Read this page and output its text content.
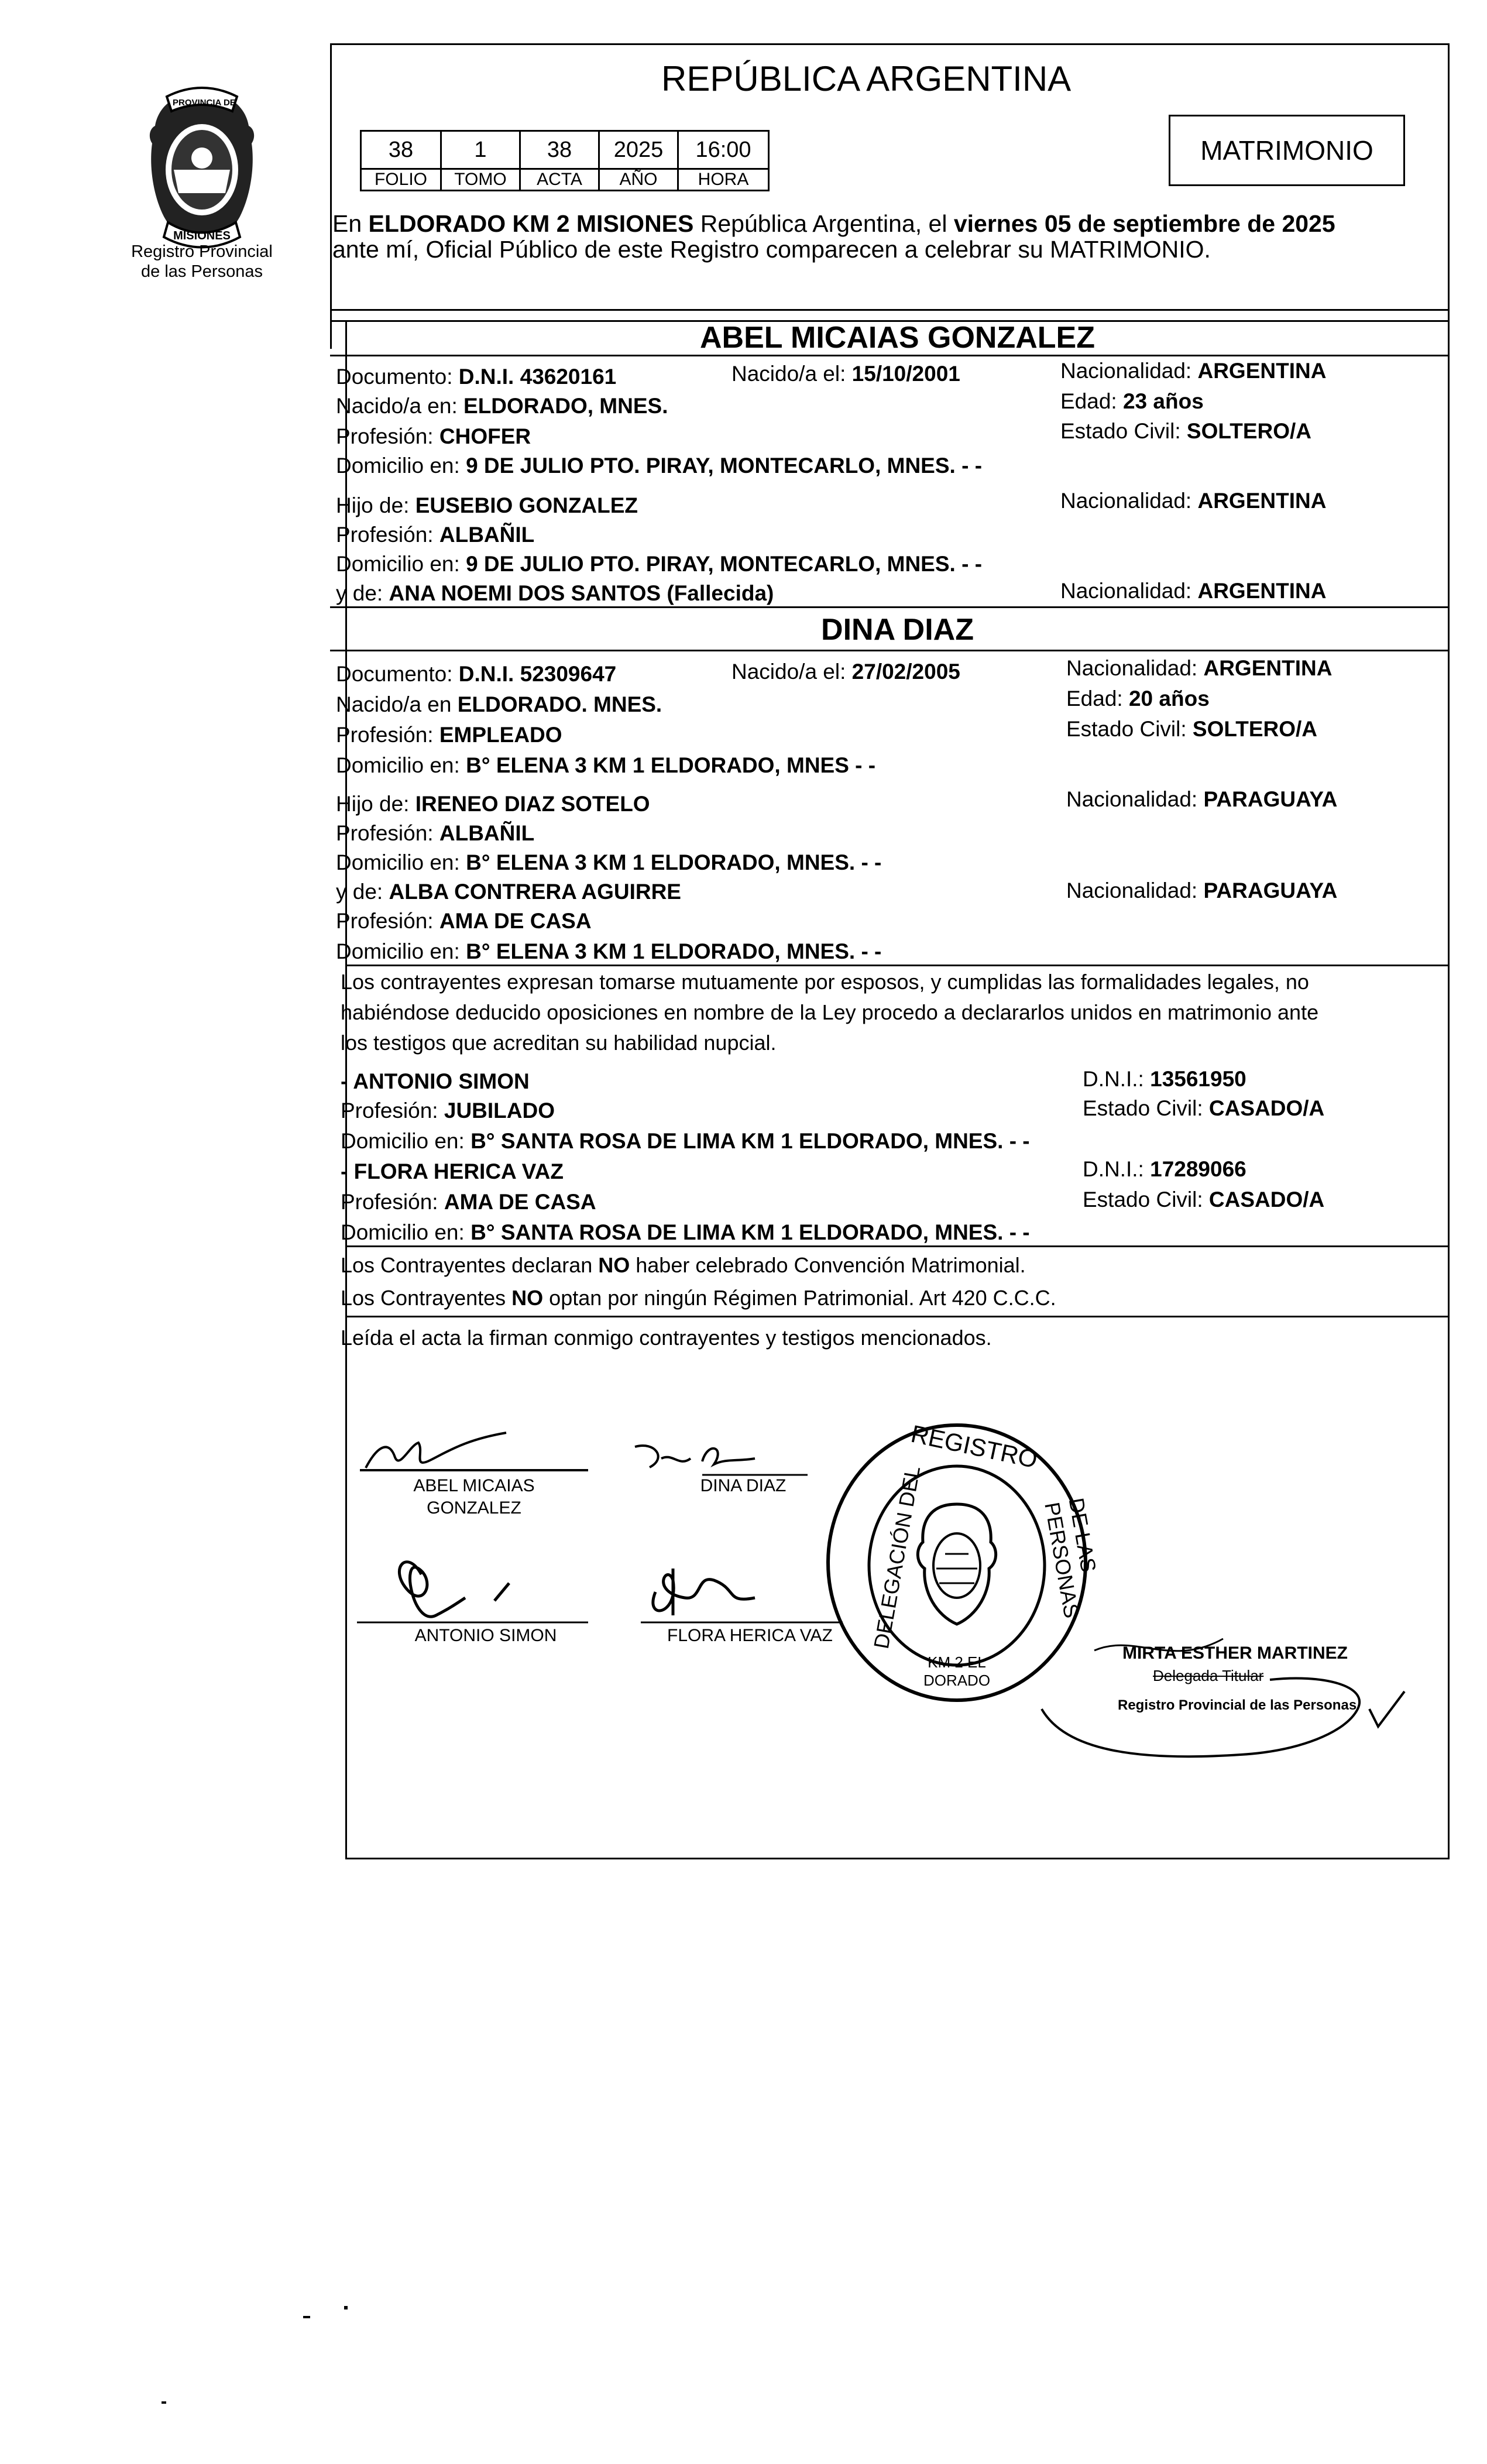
PROVINCIA DE
MISIONES
Registro Provincial
de las Personas
REPÚBLICA ARGENTINA
38	1	38	2025	16:00
FOLIO	TOMO	ACTA	AÑO	HORA
MATRIMONIO
En ELDORADO KM 2 MISIONES República Argentina, el viernes 05 de septiembre de 2025
ante mí, Oficial Público de este Registro comparecen a celebrar su MATRIMONIO.
ABEL MICAIAS GONZALEZ
Documento: D.N.I. 43620161	Nacido/a el: 15/10/2001	Nacionalidad: ARGENTINA
Nacido/a en: ELDORADO, MNES.	Edad: 23 años
Profesión: CHOFER	Estado Civil: SOLTERO/A
Domicilio en: 9 DE JULIO PTO. PIRAY, MONTECARLO, MNES. - -
Hijo de: EUSEBIO GONZALEZ	Nacionalidad: ARGENTINA
Profesión: ALBAÑIL
Domicilio en: 9 DE JULIO PTO. PIRAY, MONTECARLO, MNES. - -
y de: ANA NOEMI DOS SANTOS (Fallecida)	Nacionalidad: ARGENTINA
DINA DIAZ
Documento: D.N.I. 52309647	Nacido/a el: 27/02/2005	Nacionalidad: ARGENTINA
Nacido/a en ELDORADO. MNES.	Edad: 20 años
Profesión: EMPLEADO	Estado Civil: SOLTERO/A
Domicilio en: B° ELENA 3 KM 1 ELDORADO, MNES - -
Hijo de: IRENEO DIAZ SOTELO	Nacionalidad: PARAGUAYA
Profesión: ALBAÑIL
Domicilio en: B° ELENA 3 KM 1 ELDORADO, MNES. - -
y de: ALBA CONTRERA AGUIRRE	Nacionalidad: PARAGUAYA
Profesión: AMA DE CASA
Domicilio en: B° ELENA 3 KM 1 ELDORADO, MNES. - -
Los contrayentes expresan tomarse mutuamente por esposos, y cumplidas las formalidades legales, no
habiéndose deducido oposiciones en nombre de la Ley procedo a declararlos unidos en matrimonio ante
los testigos que acreditan su habilidad nupcial.
- ANTONIO SIMON	D.N.I.: 13561950
Profesión: JUBILADO	Estado Civil: CASADO/A
Domicilio en: B° SANTA ROSA DE LIMA KM 1 ELDORADO, MNES. - -
- FLORA HERICA VAZ	D.N.I.: 17289066
Profesión: AMA DE CASA	Estado Civil: CASADO/A
Domicilio en: B° SANTA ROSA DE LIMA KM 1 ELDORADO, MNES. - -
Los Contrayentes declaran NO haber celebrado Convención Matrimonial.
Los Contrayentes NO optan por ningún Régimen Patrimonial. Art 420 C.C.C.
Leída el acta la firman conmigo contrayentes y testigos mencionados.
ABEL MICAIAS
GONZALEZ
DINA DIAZ
ANTONIO SIMON	FLORA HERICA VAZ
KM 2 EL DORADO
REGISTRO
DELEGACIÓN DEL	DE LAS PERSONAS
MIRTA ESTHER MARTINEZ
Delegada Titular
Registro Provincial de las Personas
